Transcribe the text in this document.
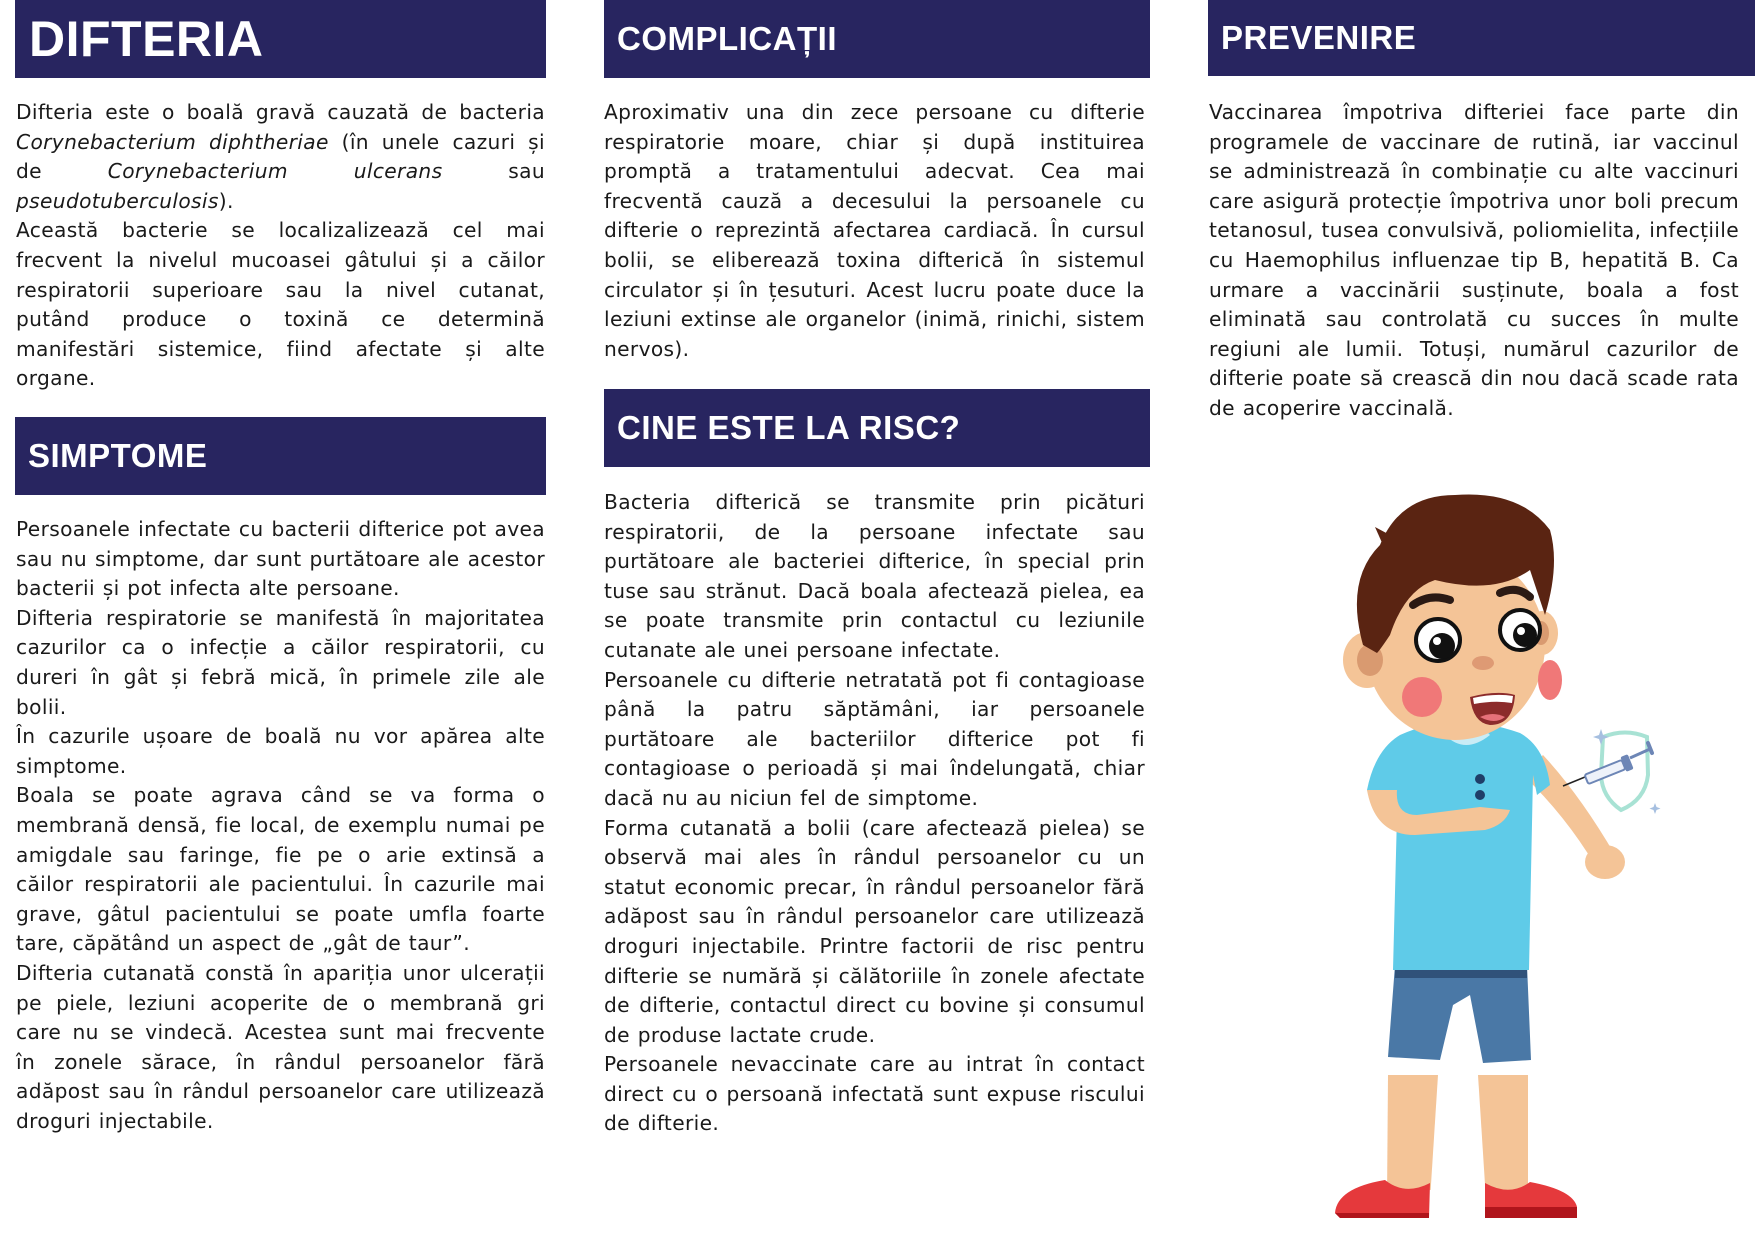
DIFTERIA

Difteria este o boală gravă cauzată de bacteria Corynebacterium diphtheriae (în unele cazuri și de Corynebacterium ulcerans sau pseudotuberculosis).

Această bacterie se localizalizează cel mai frecvent la nivelul mucoasei gâtului și a căilor respiratorii superioare sau la nivel cutanat, putând produce o toxină ce determină manifestări sistemice, fiind afectate și alte organe.

SIMPTOME

Persoanele infectate cu bacterii difterice pot avea sau nu simptome, dar sunt purtătoare ale acestor bacterii și pot infecta alte persoane.

Difteria respiratorie se manifestă în majoritatea cazurilor ca o infecție a căilor respiratorii, cu dureri în gât și febră mică, în primele zile ale bolii.

În cazurile ușoare de boală nu vor apărea alte simptome.

Boala se poate agrava când se va forma o membrană densă, fie local, de exemplu numai pe amigdale sau faringe, fie pe o arie extinsă a căilor respiratorii ale pacientului. În cazurile mai grave, gâtul pacientului se poate umfla foarte tare, căpătând un aspect de „gât de taur”.

Difteria cutanată constă în apariția unor ulcerații pe piele, leziuni acoperite de o membrană gri care nu se vindecă. Acestea sunt mai frecvente în zonele sărace, în rândul persoanelor fără adăpost sau în rândul persoanelor care utilizează droguri injectabile.

COMPLICAȚII

Aproximativ una din zece persoane cu difterie respiratorie moare, chiar și după instituirea promptă a tratamentului adecvat. Cea mai frecventă cauză a decesului la persoanele cu difterie o reprezintă afectarea cardiacă. În cursul bolii, se eliberează toxina difterică în sistemul circulator și în țesuturi. Acest lucru poate duce la leziuni extinse ale organelor (inimă, rinichi, sistem nervos).

CINE ESTE LA RISC?

Bacteria difterică se transmite prin picături respiratorii, de la persoane infectate sau purtătoare ale bacteriei difterice, în special prin tuse sau strănut. Dacă boala afectează pielea, ea se poate transmite prin contactul cu leziunile cutanate ale unei persoane infectate.

Persoanele cu difterie netratată pot fi contagioase până la patru săptămâni, iar persoanele purtătoare ale bacteriilor difterice pot fi contagioase o perioadă și mai îndelungată, chiar dacă nu au niciun fel de simptome.

Forma cutanată a bolii (care afectează pielea) se observă mai ales în rândul persoanelor cu un statut economic precar, în rândul persoanelor fără adăpost sau în rândul persoanelor care utilizează droguri injectabile. Printre factorii de risc pentru difterie se numără și călătoriile în zonele afectate de difterie, contactul direct cu bovine și consumul de produse lactate crude.

Persoanele nevaccinate care au intrat în contact direct cu o persoană infectată sunt expuse riscului de difterie.

PREVENIRE

Vaccinarea împotriva difteriei face parte din programele de vaccinare de rutină, iar vaccinul se administrează în combinație cu alte vaccinuri care asigură protecție împotriva unor boli precum tetanosul, tusea convulsivă, poliomielita, infecțiile cu Haemophilus influenzae tip B, hepatită B. Ca urmare a vaccinării susținute, boala a fost eliminată sau controlată cu succes în multe regiuni ale lumii. Totuși, numărul cazurilor de difterie poate să crească din nou dacă scade rata de acoperire vaccinală.
